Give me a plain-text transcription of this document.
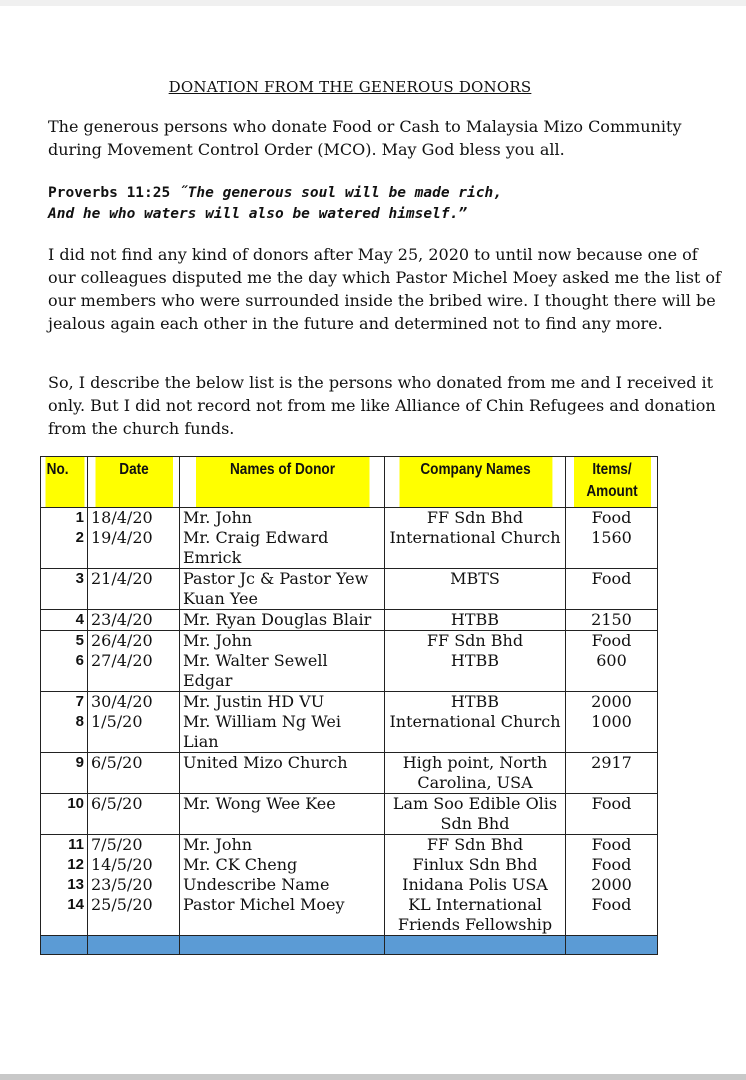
DONATION FROM THE GENEROUS DONORS

The generous persons who donate Food or Cash to Malaysia Mizo Community during Movement Control Order (MCO). May God bless you all.

Proverbs 11:25 ˝The generous soul will be made rich,
And he who waters will also be watered himself.”

I did not find any kind of donors after May 25, 2020 to until now because one of our colleagues disputed me the day which Pastor Michel Moey asked me the list of our members who were surrounded inside the bribed wire. I thought there will be jealous again each other in the future and determined not to find any more.

So, I describe the below list is the persons who donated from me and I received it only. But I did not record not from me like Alliance of Chin Refugees and donation from the church funds.

No.	Date	Names of Donor	Company Names	Items/
Amount
1	18/4/20	Mr. John	FF Sdn Bhd	Food
2	19/4/20	Mr. Craig Edward Emrick	International Church	1560
3	21/4/20	Pastor Jc & Pastor Yew Kuan Yee	MBTS	Food
4	23/4/20	Mr. Ryan Douglas Blair	HTBB	2150
5	26/4/20	Mr. John	FF Sdn Bhd	Food
6	27/4/20	Mr. Walter Sewell Edgar	HTBB	600
7	30/4/20	Mr. Justin HD VU	HTBB	2000
8	1/5/20	Mr. William Ng Wei Lian	International Church	1000
9	6/5/20	United Mizo Church	High point, North Carolina, USA	2917
10	6/5/20	Mr. Wong Wee Kee	Lam Soo Edible Olis Sdn Bhd	Food
11	7/5/20	Mr. John	FF Sdn Bhd	Food
12	14/5/20	Mr. CK Cheng	Finlux Sdn Bhd	Food
13	23/5/20	Undescribe Name	Inidana Polis USA	2000
14	25/5/20	Pastor Michel Moey	KL International Friends Fellowship	Food
